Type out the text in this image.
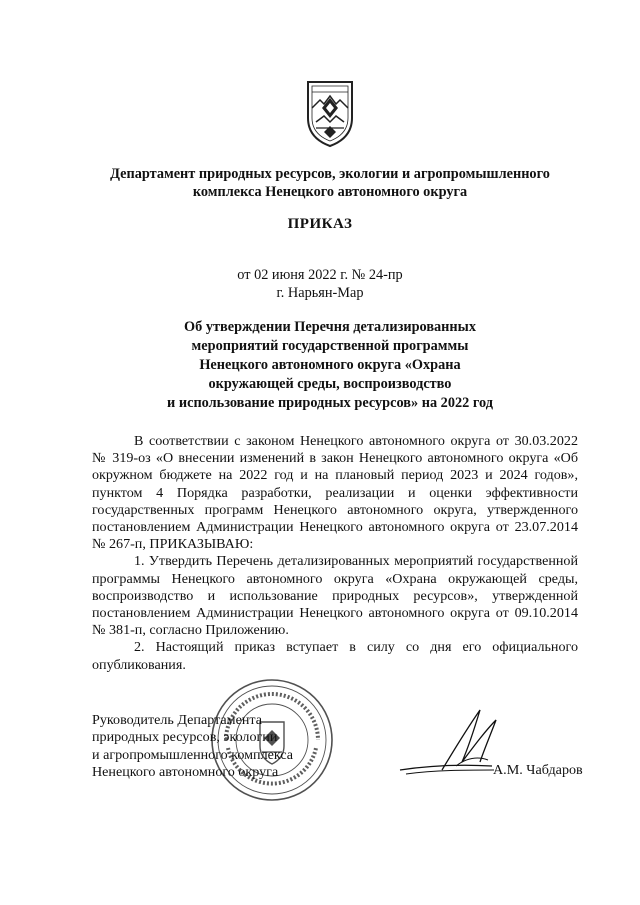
Департамент природных ресурсов, экологии и агропромышленного
комплекса Ненецкого автономного округа
ПРИКАЗ
от 02 июня 2022 г. № 24-пр
г. Нарьян-Мар
Об утверждении Перечня детализированных
мероприятий государственной программы
Ненецкого автономного округа «Охрана
окружающей среды, воспроизводство
и использование природных ресурсов» на 2022 год

В соответствии с законом Ненецкого автономного округа от 30.03.2022 № 319-оз «О внесении изменений в закон Ненецкого автономного округа «Об окружном бюджете на 2022 год и на плановый период 2023 и 2024 годов», пунктом 4 Порядка разработки, реализации и оценки эффективности государственных программ Ненецкого автономного округа, утвержденного постановлением Администрации Ненецкого автономного округа от 23.07.2014 № 267-п, ПРИКАЗЫВАЮ:

1. Утвердить Перечень детализированных мероприятий государственной программы Ненецкого автономного округа «Охрана окружающей среды, воспроизводство и использование природных ресурсов», утвержденной постановлением Администрации Ненецкого автономного округа от 09.10.2014 № 381-п, согласно Приложению.

2. Настоящий приказ вступает в силу со дня его официального опубликования.

Руководитель Департамента
природных ресурсов, экологии
и агропромышленного комплекса
Ненецкого автономного округа	А.М. Чабдаров
